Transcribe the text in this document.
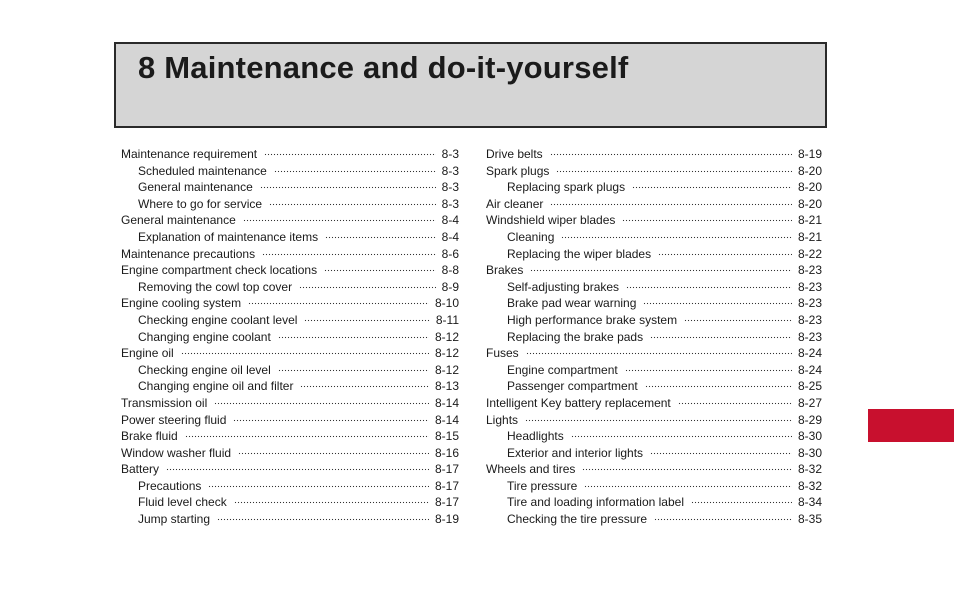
8 Maintenance and do-it-yourself
Maintenance requirement	8-3
Scheduled maintenance	8-3
General maintenance	8-3
Where to go for service	8-3
General maintenance	8-4
Explanation of maintenance items	8-4
Maintenance precautions	8-6
Engine compartment check locations	8-8
Removing the cowl top cover	8-9
Engine cooling system	8-10
Checking engine coolant level	8-11
Changing engine coolant	8-12
Engine oil	8-12
Checking engine oil level	8-12
Changing engine oil and filter	8-13
Transmission oil	8-14
Power steering fluid	8-14
Brake fluid	8-15
Window washer fluid	8-16
Battery	8-17
Precautions	8-17
Fluid level check	8-17
Jump starting	8-19
Drive belts	8-19
Spark plugs	8-20
Replacing spark plugs	8-20
Air cleaner	8-20
Windshield wiper blades	8-21
Cleaning	8-21
Replacing the wiper blades	8-22
Brakes	8-23
Self-adjusting brakes	8-23
Brake pad wear warning	8-23
High performance brake system	8-23
Replacing the brake pads	8-23
Fuses	8-24
Engine compartment	8-24
Passenger compartment	8-25
Intelligent Key battery replacement	8-27
Lights	8-29
Headlights	8-30
Exterior and interior lights	8-30
Wheels and tires	8-32
Tire pressure	8-32
Tire and loading information label	8-34
Checking the tire pressure	8-35
